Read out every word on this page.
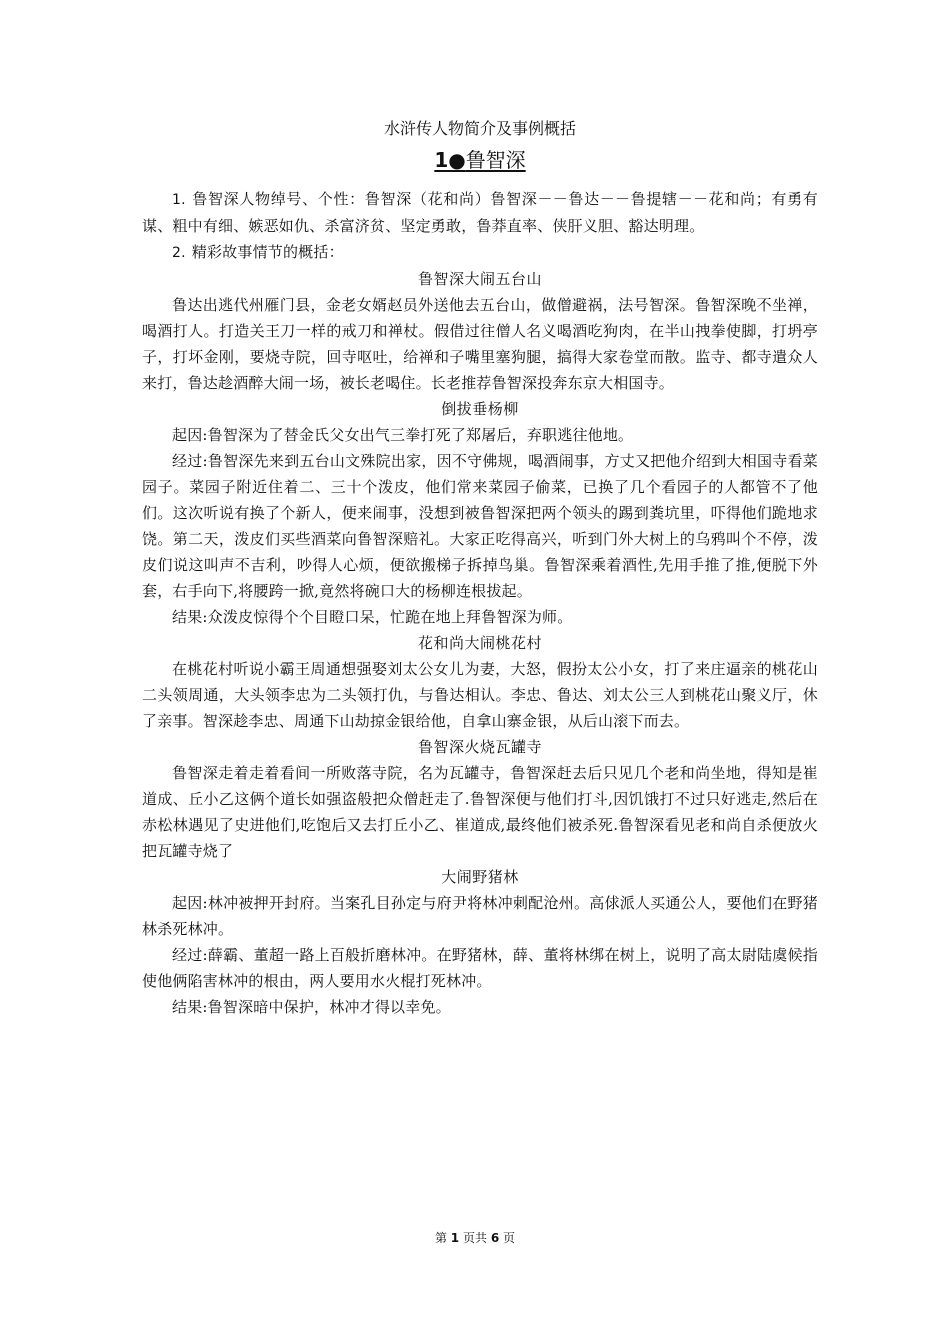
水浒传人物简介及事例概括
1●鲁智深

1. 鲁智深人物绰号、个性：鲁智深（花和尚）鲁智深－－鲁达－－鲁提辖－－花和尚；有勇有谋、粗中有细、嫉恶如仇、杀富济贫、坚定勇敢，鲁莽直率、侠肝义胆、豁达明理。

2. 精彩故事情节的概括：

鲁智深大闹五台山

鲁达出逃代州雁门县，金老女婿赵员外送他去五台山，做僧避祸，法号智深。鲁智深晚不坐禅，喝酒打人。打造关王刀一样的戒刀和禅杖。假借过往僧人名义喝酒吃狗肉，在半山拽拳使脚，打坍亭子，打坏金刚，要烧寺院，回寺呕吐，给禅和子嘴里塞狗腿，搞得大家卷堂而散。监寺、都寺遣众人来打，鲁达趁酒醉大闹一场，被长老喝住。长老推荐鲁智深投奔东京大相国寺。

倒拔垂杨柳

起因:鲁智深为了替金氏父女出气三拳打死了郑屠后，弃职逃往他地。

经过:鲁智深先来到五台山文殊院出家，因不守佛规，喝酒闹事，方丈又把他介绍到大相国寺看菜园子。菜园子附近住着二、三十个泼皮，他们常来菜园子偷菜，已换了几个看园子的人都管不了他们。这次听说有换了个新人，便来闹事，没想到被鲁智深把两个领头的踢到粪坑里，吓得他们跪地求饶。第二天，泼皮们买些酒菜向鲁智深赔礼。大家正吃得高兴，听到门外大树上的乌鸦叫个不停，泼皮们说这叫声不吉利，吵得人心烦，便欲搬梯子拆掉鸟巢。鲁智深乘着酒性,先用手推了推,便脱下外套，右手向下,将腰跨一掀,竟然将碗口大的杨柳连根拔起。

结果:众泼皮惊得个个目瞪口呆，忙跪在地上拜鲁智深为师。

花和尚大闹桃花村

在桃花村听说小霸王周通想强娶刘太公女儿为妻，大怒，假扮太公小女，打了来庄逼亲的桃花山二头领周通，大头领李忠为二头领打仇，与鲁达相认。李忠、鲁达、刘太公三人到桃花山聚义厅，休了亲事。智深趁李忠、周通下山劫掠金银给他，自拿山寨金银，从后山滚下而去。

鲁智深火烧瓦罐寺

鲁智深走着走着看间一所败落寺院，名为瓦罐寺，鲁智深赶去后只见几个老和尚坐地，得知是崔道成、丘小乙这俩个道长如强盗般把众僧赶走了.鲁智深便与他们打斗,因饥饿打不过只好逃走,然后在赤松林遇见了史进他们,吃饱后又去打丘小乙、崔道成,最终他们被杀死.鲁智深看见老和尚自杀便放火把瓦罐寺烧了

大闹野猪林

起因:林冲被押开封府。当案孔目孙定与府尹将林冲刺配沧州。高俅派人买通公人，要他们在野猪林杀死林冲。

经过:薛霸、董超一路上百般折磨林冲。在野猪林，薛、董将林绑在树上，说明了高太尉陆虞候指使他俩陷害林冲的根由，两人要用水火棍打死林冲。

结果:鲁智深暗中保护，林冲才得以幸免。

第 1 页共 6 页
